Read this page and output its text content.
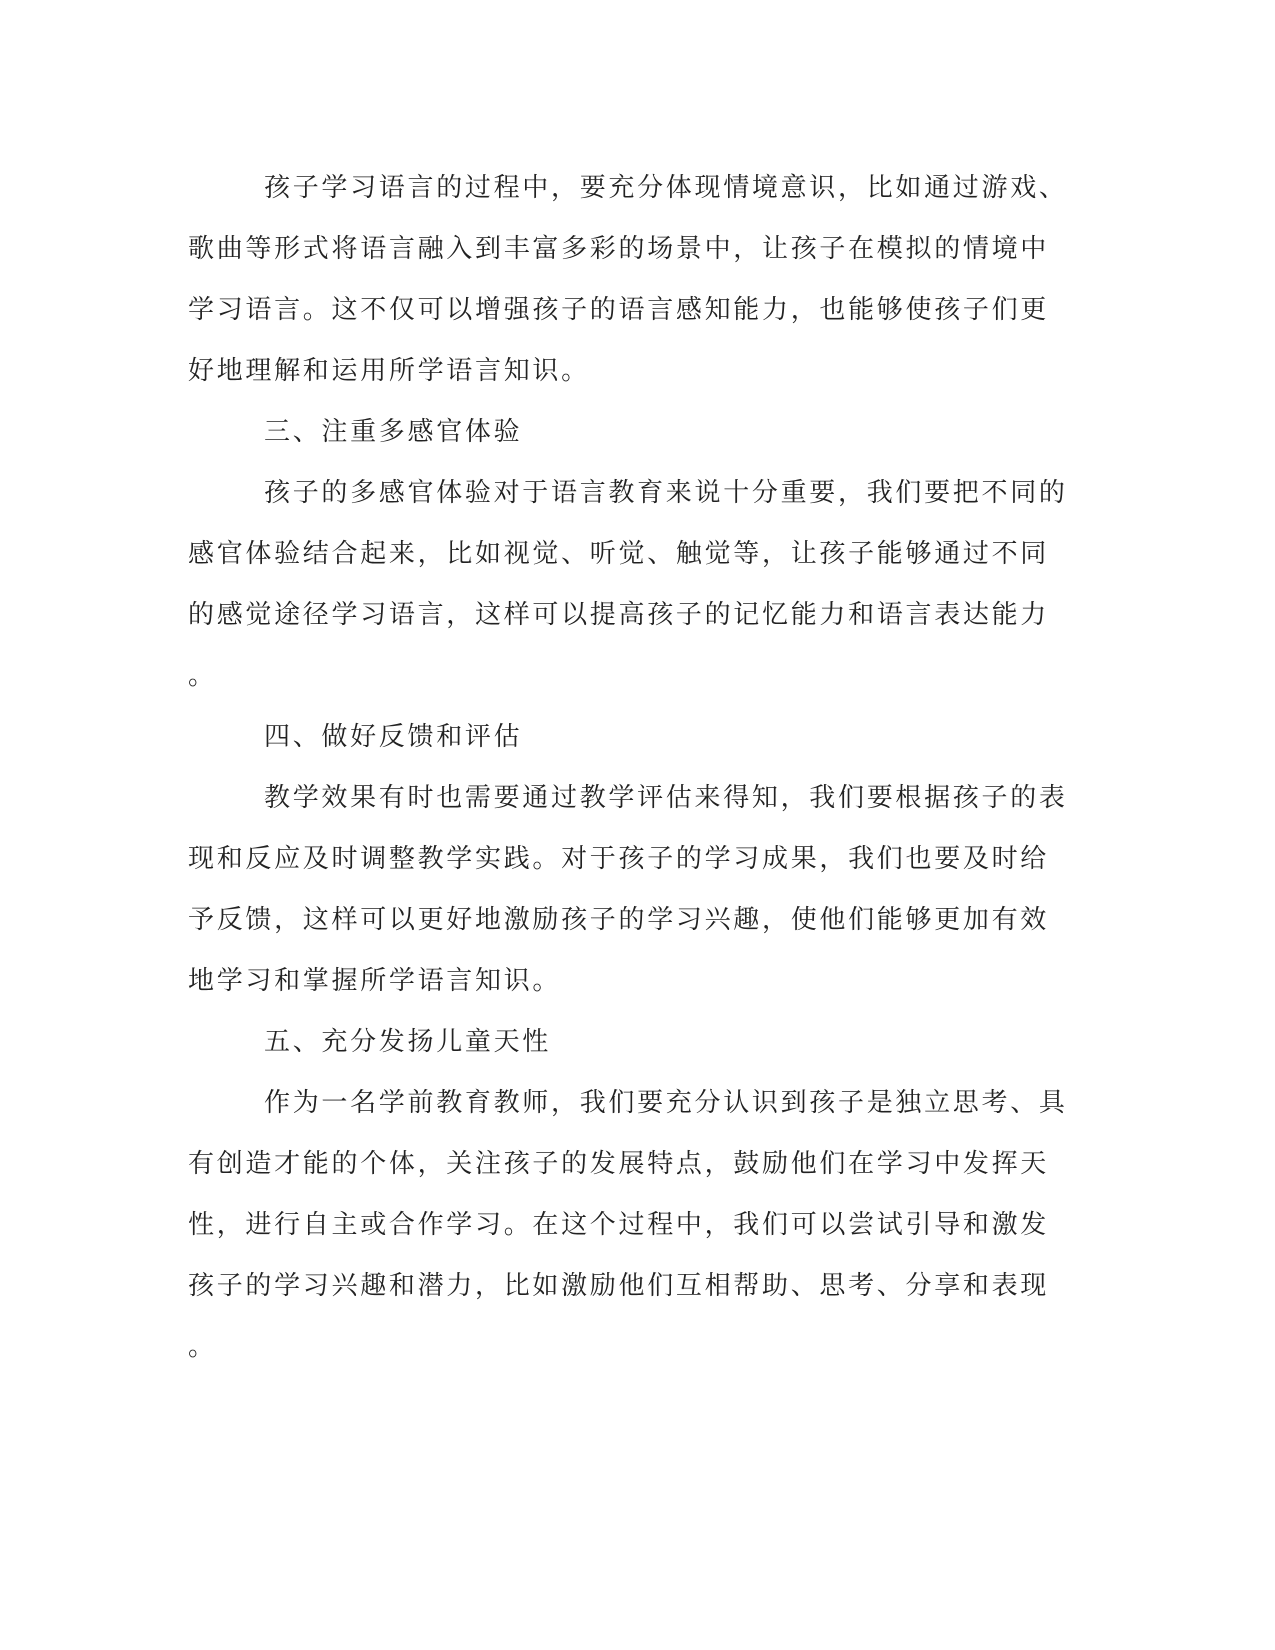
孩子学习语言的过程中，要充分体现情境意识，比如通过游戏、
歌曲等形式将语言融入到丰富多彩的场景中，让孩子在模拟的情境中
学习语言。这不仅可以增强孩子的语言感知能力，也能够使孩子们更
好地理解和运用所学语言知识。
三、注重多感官体验
孩子的多感官体验对于语言教育来说十分重要，我们要把不同的
感官体验结合起来，比如视觉、听觉、触觉等，让孩子能够通过不同
的感觉途径学习语言，这样可以提高孩子的记忆能力和语言表达能力
。
四、做好反馈和评估
教学效果有时也需要通过教学评估来得知，我们要根据孩子的表
现和反应及时调整教学实践。对于孩子的学习成果，我们也要及时给
予反馈，这样可以更好地激励孩子的学习兴趣，使他们能够更加有效
地学习和掌握所学语言知识。
五、充分发扬儿童天性
作为一名学前教育教师，我们要充分认识到孩子是独立思考、具
有创造才能的个体，关注孩子的发展特点，鼓励他们在学习中发挥天
性，进行自主或合作学习。在这个过程中，我们可以尝试引导和激发
孩子的学习兴趣和潜力，比如激励他们互相帮助、思考、分享和表现
。
